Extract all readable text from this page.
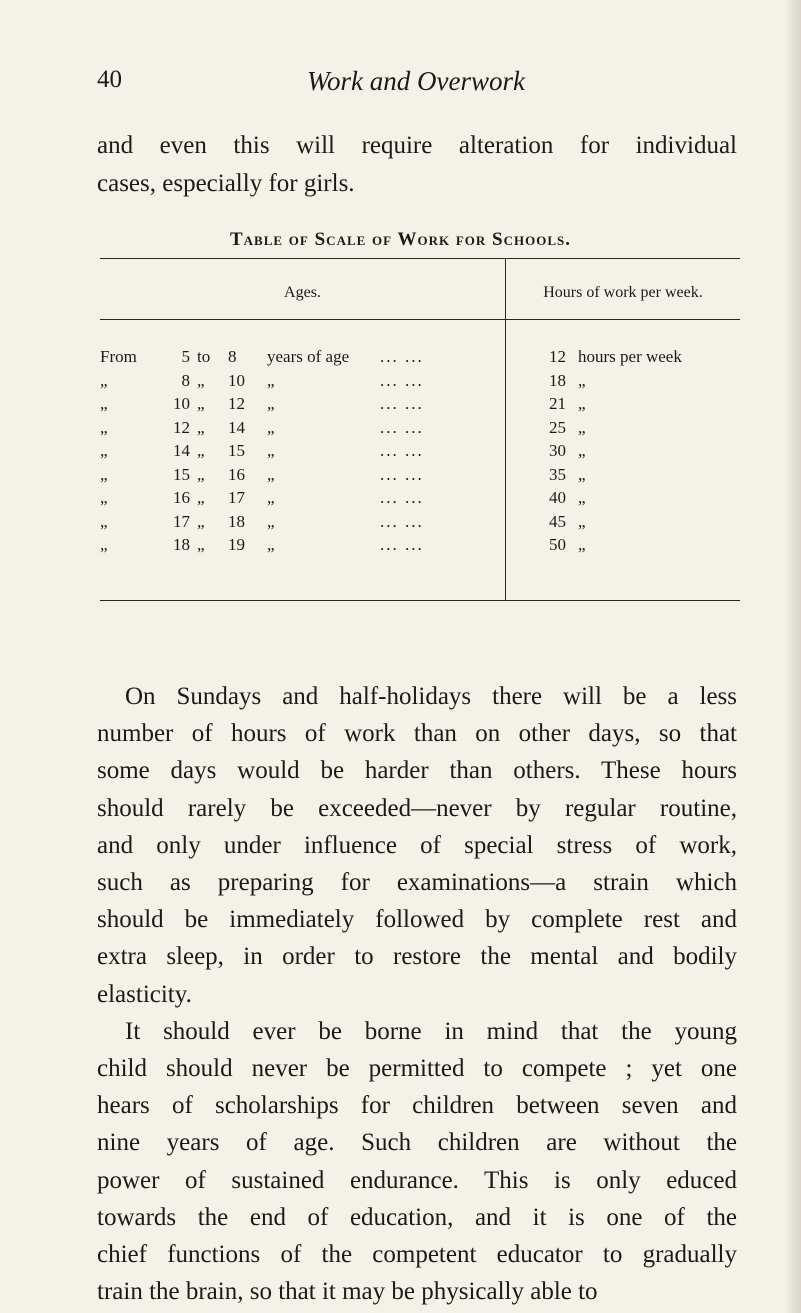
40	Work and Overwork

and even this will require alteration for individual

cases, especially for girls.

Table of Scale of Work for Schools.
Ages.	Hours of work per week.
From	5 to 8 years of age ... ...	12 hours per week
„	8 „ 10 „	... ...	18 „
„	10 „ 12 „	... ...	21 „
„	12 „ 14 „	... ...	25 „
„	14 „ 15 „	... ...	30 „
„	15 „ 16 „	... ...	35 „
„	16 „ 17 „	... ...	40 „
„	17 „ 18 „	... ...	45 „
„	18 „ 19 „	... ...	50 „

On Sundays and half-holidays there will be a less

number of hours of work than on other days, so that

some days would be harder than others. These hours

should rarely be exceeded—never by regular routine,

and only under influence of special stress of work,

such as preparing for examinations—a strain which

should be immediately followed by complete rest and

extra sleep, in order to restore the mental and bodily

elasticity.

It should ever be borne in mind that the young

child should never be permitted to compete ; yet one

hears of scholarships for children between seven and

nine years of age. Such children are without the

power of sustained endurance. This is only educed

towards the end of education, and it is one of the

chief functions of the competent educator to gradually

train the brain, so that it may be physically able to
